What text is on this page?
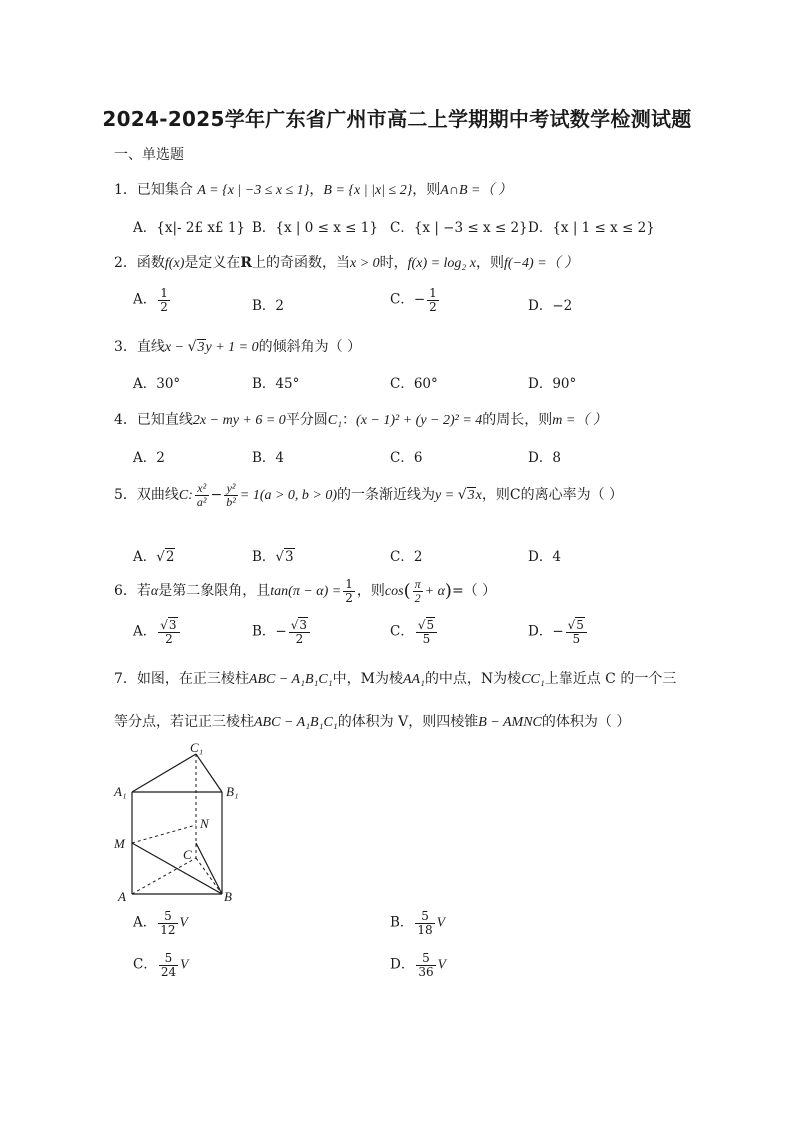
2024-2025学年广东省广州市高二上学期期中考试数学检测试题
一、单选题
1．已知集合 A = {x | −3 ≤ x ≤ 1}，B = {x | |x| ≤ 2}，则A∩B =（ ）
A．{x|- 2£ x£ 1} B．{x | 0 ≤ x ≤ 1} C．{x | −3 ≤ x ≤ 2} D．{x | 1 ≤ x ≤ 2}
2．函数f(x)是定义在R上的奇函数，当x > 0时，f(x) = log₂ x，则f(−4) =（ ）
A． $\frac{1}{2}$	B．2	C．− $\frac{1}{2}$	D．−2
3．直线x − √3y + 1 = 0的倾斜角为（ ）
A．30°	B．45°	C．60°	D．90°
4．已知直线2x − my + 6 = 0平分圆C₁：(x − 1)² + (y − 2)² = 4的周长，则m =（ ）
A．2	B．4	C．6	D．8
5．双曲线C: $\frac{\text{x²}}{\text{a²}} - \frac{\text{y²}}{\text{b²}} = 1(a > 0$, b > 0)的一条渐近线为y = √3x，则C的离心率为（ ）
A．√2	B．√3	C．2	D．4
6．若α是第二象限角，且$\tan(\pi - \alpha) = \frac{1}{2}$ ，则$\cos( \frac{\pi}{2} + \alpha)=$（ ）
A． $\frac{√3}{2}$	B．− $\frac{√3}{2}$	C． $\frac{√5}{5}$	D．− $\frac{√5}{5}$
7．如图，在正三棱柱ABC − A₁B₁C₁中，M为棱AA₁的中点，N为棱CC₁上靠近点 C 的一个三
等分点，若记正三棱柱ABC − A₁B₁C₁的体积为 V，则四棱锥B − AMNC的体积为（ ）
C₁
A₁	B₁
N
M
C
A	B
A． $\frac{5}{12}$ V	B． $\frac{5}{18}$ V
C． $\frac{5}{24}$ V	D． $\frac{5}{36}$ V
